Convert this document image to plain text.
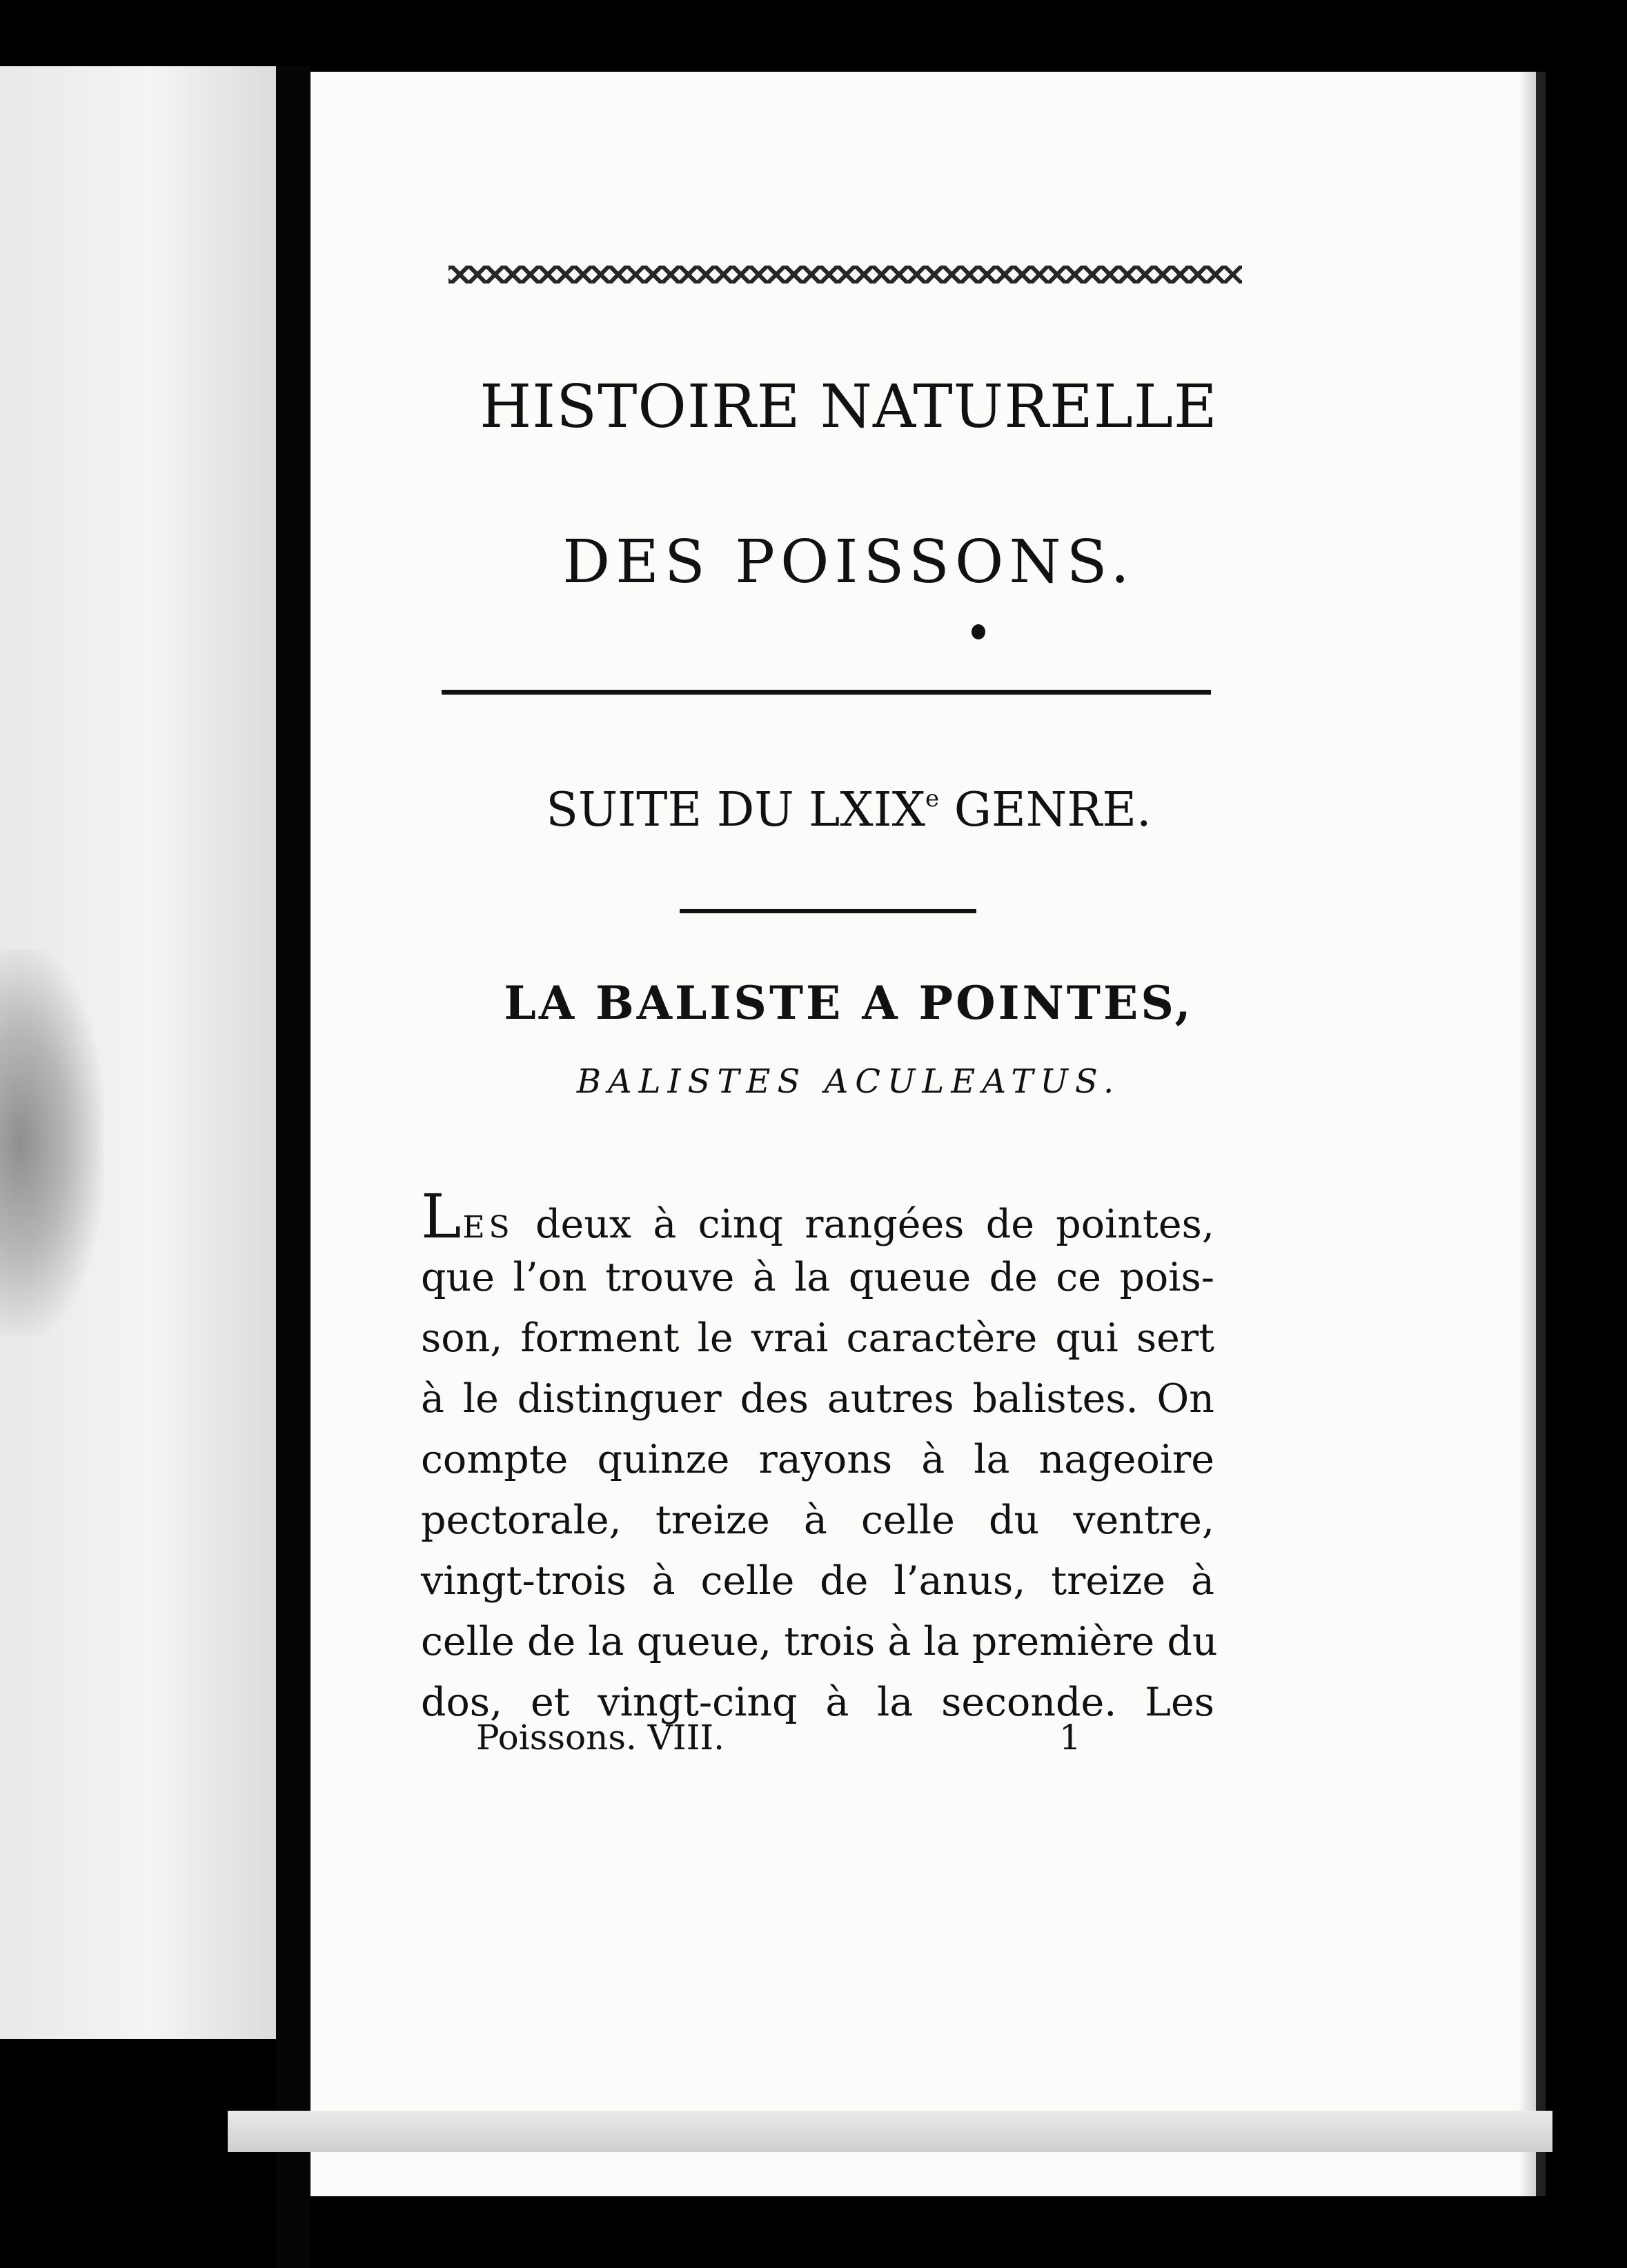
HISTOIRE NATURELLE
DES POISSONS.
SUITE DU LXIXe GENRE.
LA BALISTE A POINTES,
BALISTES ACULEATUS.
LES deux à cinq rangées de pointes,
que l’on trouve à la queue de ce pois-
son, forment le vrai caractère qui sert
à le distinguer des autres balistes. On
compte quinze rayons à la nageoire
pectorale, treize à celle du ventre,
vingt-trois à celle de l’anus, treize à
celle de la queue, trois à la première du
dos, et vingt-cinq à la seconde. Les
Poissons. VIII.	1
